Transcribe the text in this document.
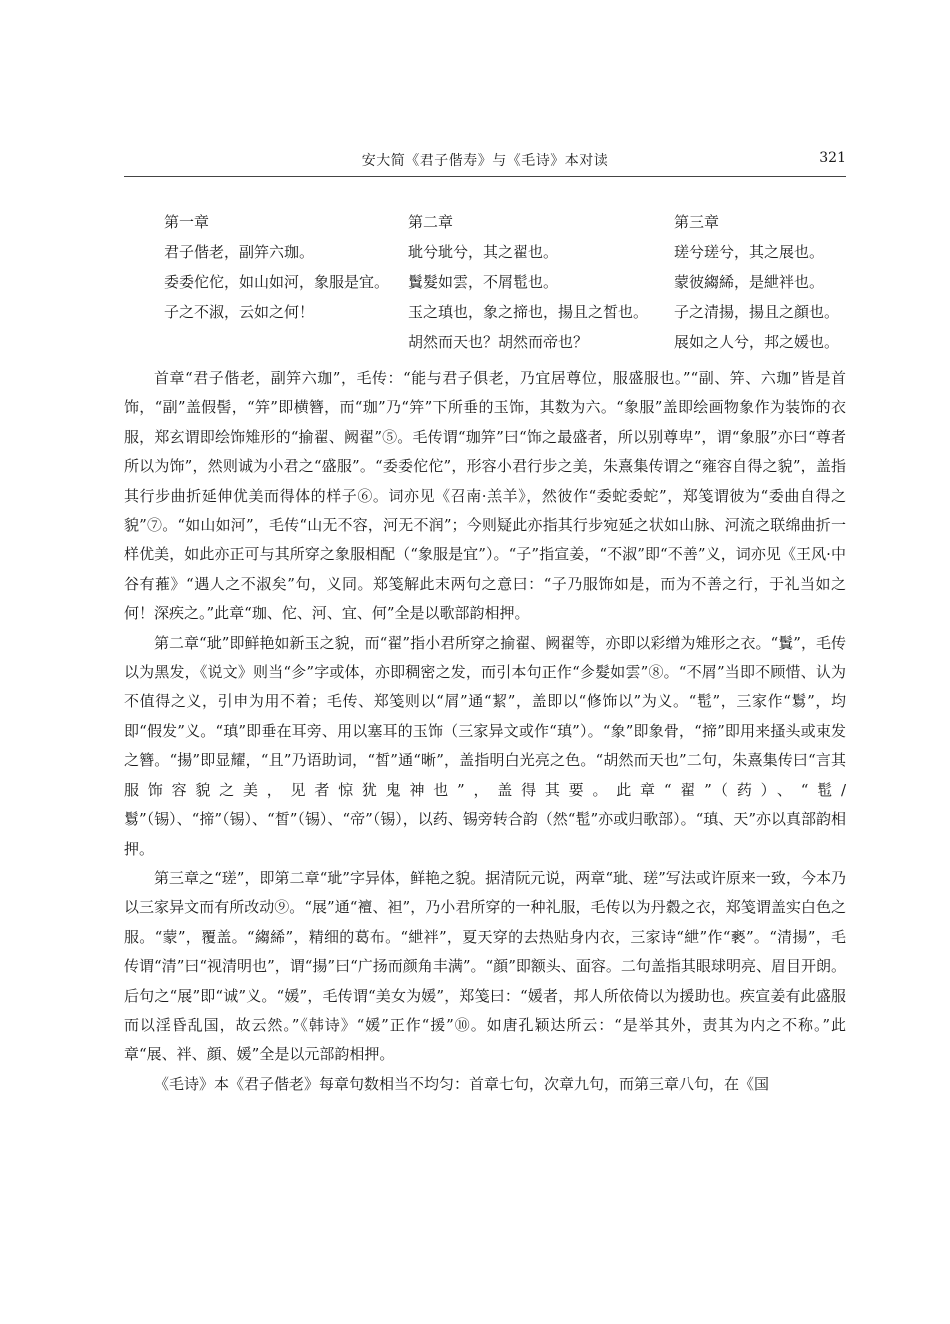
安大简《君子偕寿》与《毛诗》本对读	321
第一章
君子偕老，副笄六珈。
委委佗佗，如山如河，象服是宜。
子之不淑，云如之何！
第二章
玼兮玼兮，其之翟也。
鬒髮如雲，不屑髢也。
玉之瑱也，象之揥也，揚且之皙也。
胡然而天也？胡然而帝也？
第三章
瑳兮瑳兮，其之展也。
蒙彼縐絺，是紲袢也。
子之清揚，揚且之顔也。
展如之人兮，邦之媛也。

首章“君子偕老，副笄六珈”，毛传：“能与君子俱老，乃宜居尊位，服盛服也。”“副、笄、六珈”皆是首饰，“副”盖假髻，“笄”即横簪，而“珈”乃“笄”下所垂的玉饰，其数为六。“象服”盖即绘画物象作为装饰的衣服，郑玄谓即绘饰雉形的“揄翟、阙翟”⑤。毛传谓“珈笄”曰“饰之最盛者，所以别尊卑”，谓“象服”亦曰“尊者所以为饰”，然则诚为小君之“盛服”。“委委佗佗”，形容小君行步之美，朱熹集传谓之“雍容自得之貌”，盖指其行步曲折延伸优美而得体的样子⑥。词亦见《召南·羔羊》，然彼作“委蛇委蛇”，郑笺谓彼为“委曲自得之貌”⑦。“如山如河”，毛传“山无不容，河无不润”；今则疑此亦指其行步宛延之状如山脉、河流之联绵曲折一样优美，如此亦正可与其所穿之象服相配（“象服是宜”）。“子”指宣姜，“不淑”即“不善”义，词亦见《王风·中谷有蓷》“遇人之不淑矣”句，义同。郑笺解此末两句之意曰：“子乃服饰如是，而为不善之行，于礼当如之何！深疾之。”此章“珈、佗、河、宜、何”全是以歌部韵相押。

第二章“玼”即鲜艳如新玉之貌，而“翟”指小君所穿之揄翟、阙翟等，亦即以彩缯为雉形之衣。“鬒”，毛传以为黑发，《说文》则当“㐱”字或体，亦即稠密之发，而引本句正作“㐱髮如雲”⑧。“不屑”当即不顾惜、认为不值得之义，引申为用不着；毛传、郑笺则以“屑”通“絜”，盖即以“修饰以”为义。“髢”，三家作“鬄”，均即“假发”义。“瑱”即垂在耳旁、用以塞耳的玉饰（三家异文或作“瑱”）。“象”即象骨，“揥”即用来搔头或束发之簪。“揚”即显耀，“且”乃语助词，“皙”通“晰”，盖指明白光亮之色。“胡然而天也”二句，朱熹集传曰“言其服饰容貌之美，见者惊犹鬼神也”，盖得其要。此章“翟”（药）、“髢/鬄”（锡）、“揥”（锡）、“皙”（锡）、“帝”（锡），以药、锡旁转合韵（然“髢”亦或归歌部）。“瑱、天”亦以真部韵相押。

第三章之“瑳”，即第二章“玼”字异体，鲜艳之貌。据清阮元说，两章“玼、瑳”写法或许原来一致，今本乃以三家异文而有所改动⑨。“展”通“襢、袒”，乃小君所穿的一种礼服，毛传以为丹縠之衣，郑笺谓盖实白色之服。“蒙”，覆盖。“縐絺”，精细的葛布。“紲袢”，夏天穿的去热贴身内衣，三家诗“紲”作“褻”。“清揚”，毛传谓“清”曰“视清明也”，谓“揚”曰“广扬而颜角丰满”。“顔”即额头、面容。二句盖指其眼球明亮、眉目开朗。后句之“展”即“诚”义。“媛”，毛传谓“美女为媛”，郑笺曰：“媛者，邦人所依倚以为援助也。疾宣姜有此盛服而以淫昏乱国，故云然。”《韩诗》“媛”正作“援”⑩。如唐孔颖达所云：“是举其外，责其为内之不称。”此章“展、袢、顔、媛”全是以元部韵相押。

《毛诗》本《君子偕老》每章句数相当不均匀：首章七句，次章九句，而第三章八句，在《国
